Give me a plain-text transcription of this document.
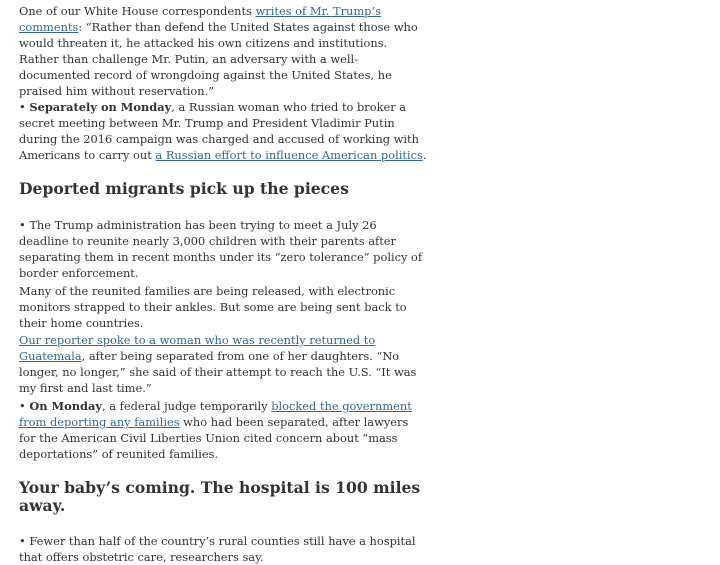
One of our White House correspondents writes of Mr. Trump’s comments: “Rather than defend the United States against those who would threaten it, he attacked his own citizens and institutions. Rather than challenge Mr. Putin, an adversary with a well-documented record of wrongdoing against the United States, he praised him without reservation.”

• Separately on Monday, a Russian woman who tried to broker a secret meeting between Mr. Trump and President Vladimir Putin during the 2016 campaign was charged and accused of working with Americans to carry out a Russian effort to influence American politics.

Deported migrants pick up the pieces

• The Trump administration has been trying to meet a July 26 deadline to reunite nearly 3,000 children with their parents after separating them in recent months under its “zero tolerance” policy of border enforcement.

Many of the reunited families are being released, with electronic monitors strapped to their ankles. But some are being sent back to their home countries.

Our reporter spoke to a woman who was recently returned to Guatemala, after being separated from one of her daughters. “No longer, no longer,” she said of their attempt to reach the U.S. “It was my first and last time.”

• On Monday, a federal judge temporarily blocked the government from deporting any families who had been separated, after lawyers for the American Civil Liberties Union cited concern about “mass deportations” of reunited families.

Your baby’s coming. The hospital is 100 miles away.

• Fewer than half of the country’s rural counties still have a hospital that offers obstetric care, researchers say.
